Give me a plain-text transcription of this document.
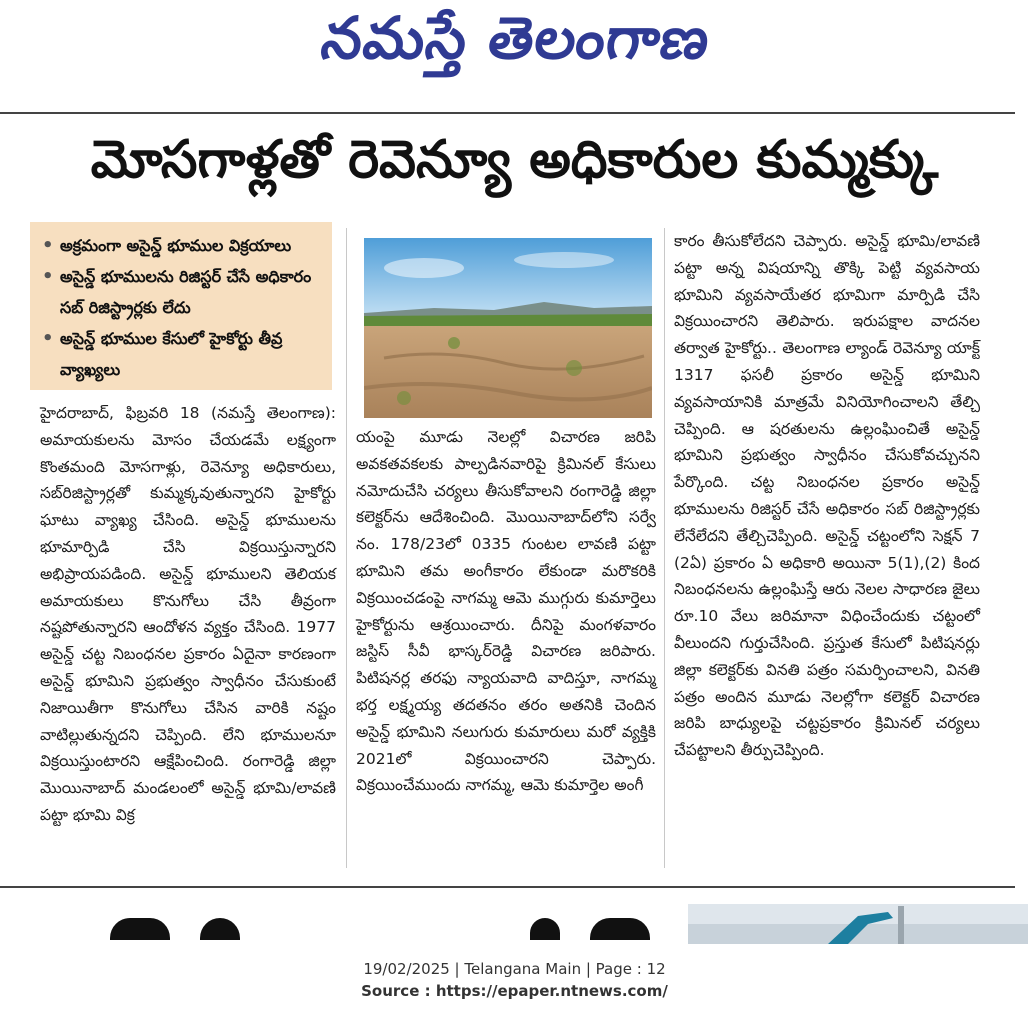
నమస్తే తెలంగాణ
మోసగాళ్లతో రెవెన్యూ అధికారుల కుమ్మక్కు
• అక్రమంగా అసైన్డ్ భూముల విక్రయాలు
• అసైన్డ్ భూములను రిజిస్టర్ చేసే అధికారం సబ్ రిజిస్ట్రార్లకు లేదు
• అసైన్డ్ భూముల కేసులో హైకోర్టు తీవ్ర వ్యాఖ్యలు
హైదరాబాద్, ఫిబ్రవరి 18 (నమస్తే తెలంగాణ): అమాయకులను మోసం చేయడమే లక్ష్యంగా కొంతమంది మోసగాళ్లు, రెవెన్యూ అధికారులు, సబ్‌రిజిస్ట్రార్లతో కుమ్మక్కవుతున్నారని హైకోర్టు ఘాటు వ్యాఖ్య చేసింది. అసైన్డ్ భూములను భూమార్పిడి చేసి విక్రయిస్తున్నారని అభిప్రాయపడింది. అసైన్డ్ భూములని తెలియక అమాయకులు కొనుగోలు చేసి తీవ్రంగా నష్టపోతున్నారని ఆందోళన వ్యక్తం చేసింది. 1977 అసైన్డ్ చట్ట నిబంధనల ప్రకారం ఏదైనా కారణంగా అసైన్డ్ భూమిని ప్రభుత్వం స్వాధీనం చేసుకుంటే నిజాయితీగా కొనుగోలు చేసిన వారికి నష్టం వాటిల్లుతున్నదని చెప్పింది. లేని భూములనూ విక్రయిస్తుంటారని ఆక్షేపించింది. రంగారెడ్డి జిల్లా మొయినాబాద్ మండలంలో అసైన్డ్ భూమి/లావణి పట్టా భూమి విక్ర
యంపై మూడు నెలల్లో విచారణ జరిపి అవకతవకలకు పాల్పడినవారిపై క్రిమినల్ కేసులు నమోదుచేసి చర్యలు తీసుకోవాలని రంగారెడ్డి జిల్లా కలెక్టర్‌ను ఆదేశించింది. మొయినాబాద్‌లోని సర్వే నం. 178/23లో 0335 గుంటల లావణి పట్టా భూమిని తమ అంగీకారం లేకుండా మరొకరికి విక్రయించడంపై నాగమ్మ ఆమె ముగ్గురు కుమార్తెలు హైకోర్టును ఆశ్రయించారు. దీనిపై మంగళవారం జస్టిస్ సీవీ భాస్కర్‌రెడ్డి విచారణ జరిపారు. పిటిషనర్ల తరఫు న్యాయవాది వాదిస్తూ, నాగమ్మ భర్త లక్ష్మయ్య తదతనం తరం అతనికి చెందిన అసైన్డ్ భూమిని నలుగురు కుమారులు మరో వ్యక్తికి 2021లో విక్రయించారని చెప్పారు. విక్రయించేముందు నాగమ్మ, ఆమె కుమార్తెల అంగీ
కారం తీసుకోలేదని చెప్పారు. అసైన్డ్ భూమి/లావణి పట్టా అన్న విషయాన్ని తొక్కి పెట్టి వ్యవసాయ భూమిని వ్యవసాయేతర భూమిగా మార్పిడి చేసి విక్రయించారని తెలిపారు. ఇరుపక్షాల వాదనల తర్వాత హైకోర్టు.. తెలంగాణ ల్యాండ్ రెవెన్యూ యాక్ట్ 1317 ఫసలీ ప్రకారం అసైన్డ్ భూమిని వ్యవసాయానికి మాత్రమే వినియోగించాలని తేల్చి చెప్పింది. ఆ షరతులను ఉల్లంఘించితే అసైన్డ్ భూమిని ప్రభుత్వం స్వాధీనం చేసుకోవచ్చునని పేర్కొంది. చట్ట నిబంధనల ప్రకారం అసైన్డ్ భూములను రిజిస్టర్ చేసే అధికారం సబ్ రిజిస్ట్రార్లకు లేనేలేదని తేల్చిచెప్పింది. అసైన్డ్ చట్టంలోని సెక్షన్ 7 (2ఏ) ప్రకారం ఏ అధికారి అయినా 5(1),(2) కింద నిబంధనలను ఉల్లంఘిస్తే ఆరు నెలల సాధారణ జైలు రూ.10 వేలు జరిమానా విధించేందుకు చట్టంలో వీలుందని గుర్తుచేసింది. ప్రస్తుత కేసులో పిటిషనర్లు జిల్లా కలెక్టర్‌కు వినతి పత్రం సమర్పించాలని, వినతి పత్రం అందిన మూడు నెలల్లోగా కలెక్టర్ విచారణ జరిపి బాధ్యులపై చట్టప్రకారం క్రిమినల్ చర్యలు చేపట్టాలని తీర్పుచెప్పింది.
19/02/2025 | Telangana Main | Page : 12
Source : https://epaper.ntnews.com/
